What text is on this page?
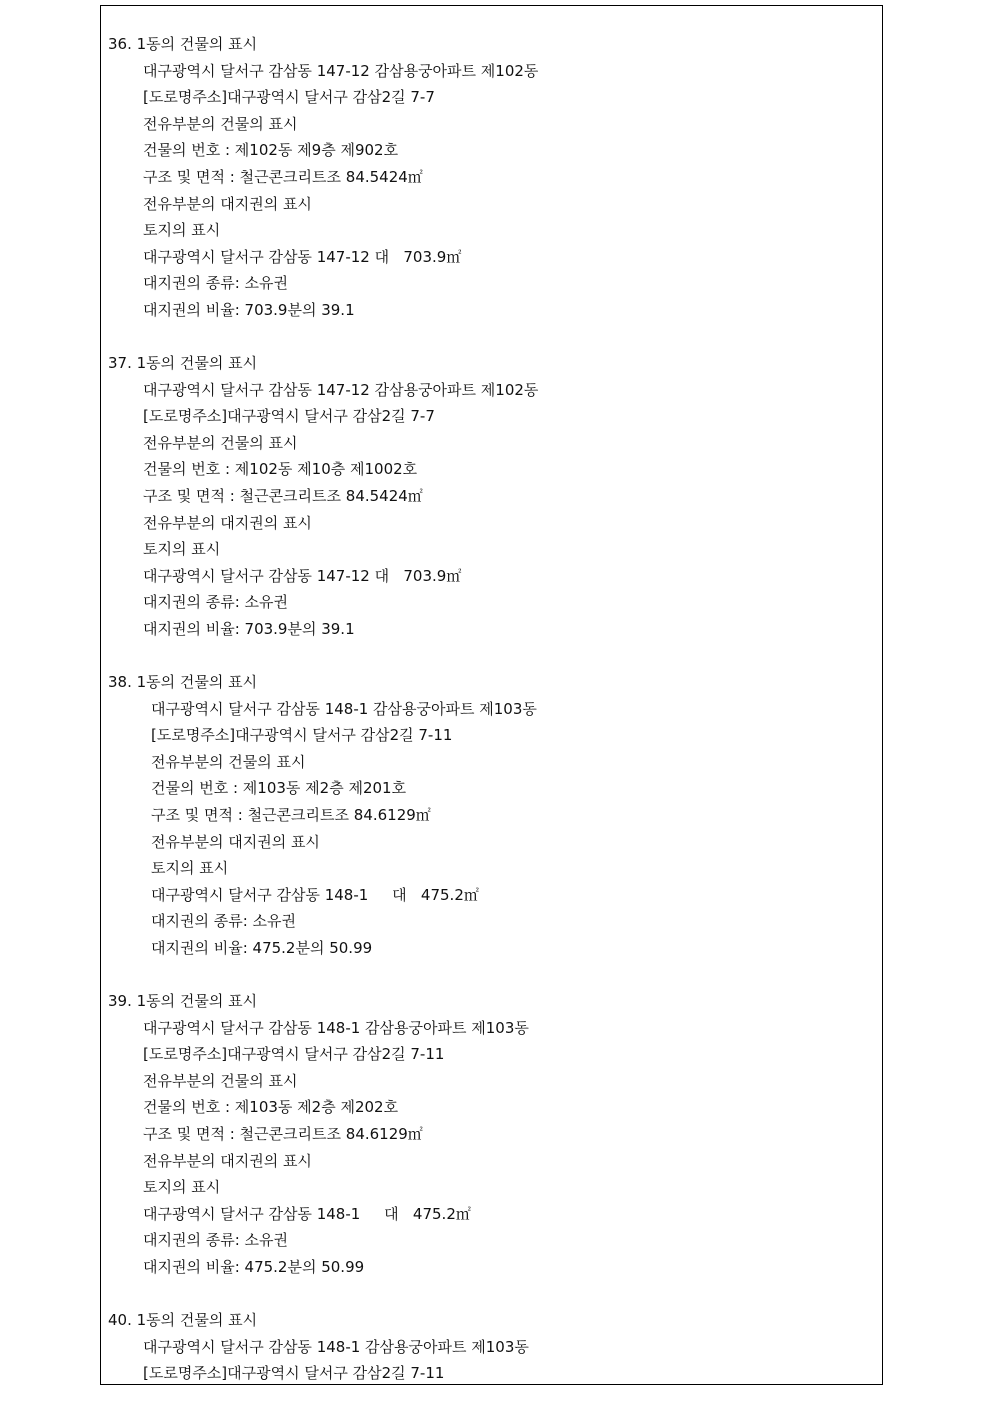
36. 1동의 건물의 표시
대구광역시 달서구 감삼동 147-12 감삼용궁아파트 제102동
[도로명주소]대구광역시 달서구 감삼2길 7-7
전유부분의 건물의 표시
건물의 번호 : 제102동 제9층 제902호
구조 및 면적 : 철근콘크리트조 84.5424㎡
전유부분의 대지권의 표시
토지의 표시
대구광역시 달서구 감삼동 147-12 대   703.9㎡
대지권의 종류: 소유권
대지권의 비율: 703.9분의 39.1
37. 1동의 건물의 표시
대구광역시 달서구 감삼동 147-12 감삼용궁아파트 제102동
[도로명주소]대구광역시 달서구 감삼2길 7-7
전유부분의 건물의 표시
건물의 번호 : 제102동 제10층 제1002호
구조 및 면적 : 철근콘크리트조 84.5424㎡
전유부분의 대지권의 표시
토지의 표시
대구광역시 달서구 감삼동 147-12 대   703.9㎡
대지권의 종류: 소유권
대지권의 비율: 703.9분의 39.1
38. 1동의 건물의 표시
대구광역시 달서구 감삼동 148-1 감삼용궁아파트 제103동
[도로명주소]대구광역시 달서구 감삼2길 7-11
전유부분의 건물의 표시
건물의 번호 : 제103동 제2층 제201호
구조 및 면적 : 철근콘크리트조 84.6129㎡
전유부분의 대지권의 표시
토지의 표시
대구광역시 달서구 감삼동 148-1     대   475.2㎡
대지권의 종류: 소유권
대지권의 비율: 475.2분의 50.99
39. 1동의 건물의 표시
대구광역시 달서구 감삼동 148-1 감삼용궁아파트 제103동
[도로명주소]대구광역시 달서구 감삼2길 7-11
전유부분의 건물의 표시
건물의 번호 : 제103동 제2층 제202호
구조 및 면적 : 철근콘크리트조 84.6129㎡
전유부분의 대지권의 표시
토지의 표시
대구광역시 달서구 감삼동 148-1     대   475.2㎡
대지권의 종류: 소유권
대지권의 비율: 475.2분의 50.99
40. 1동의 건물의 표시
대구광역시 달서구 감삼동 148-1 감삼용궁아파트 제103동
[도로명주소]대구광역시 달서구 감삼2길 7-11
